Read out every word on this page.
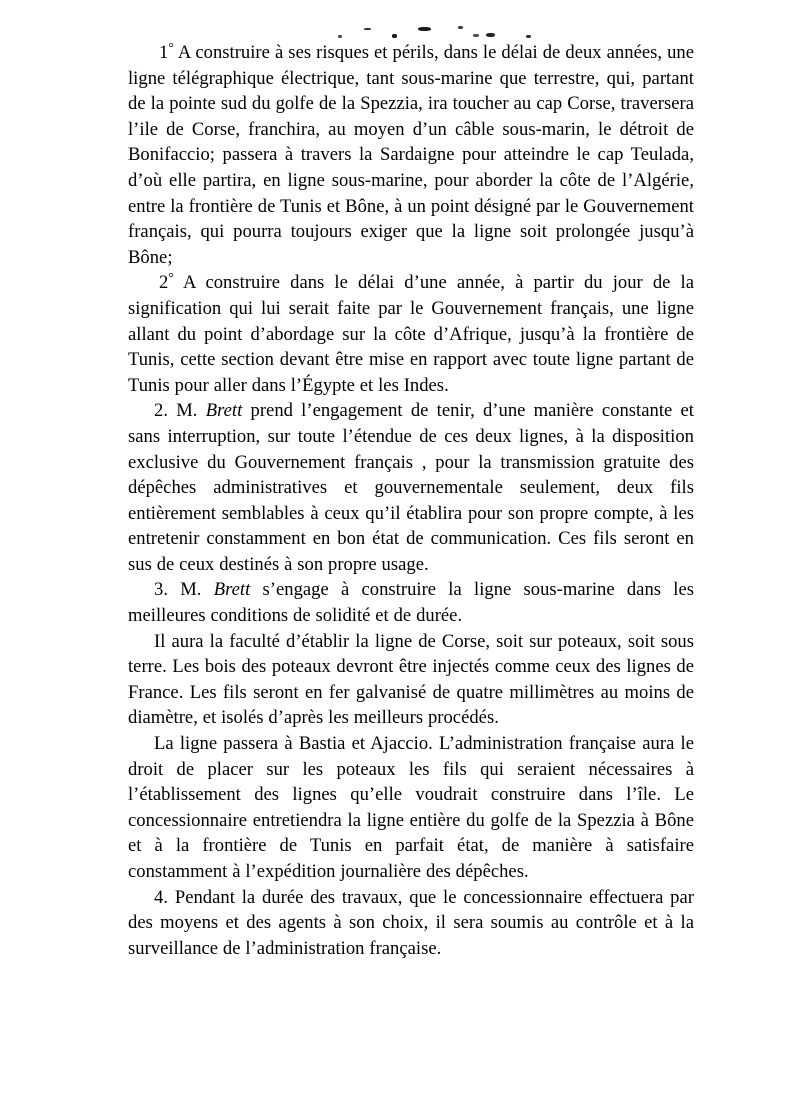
1° A construire à ses risques et périls, dans le délai de deux années, une ligne télégraphique électrique, tant sous-marine que terrestre, qui, partant de la pointe sud du golfe de la Spezzia, ira toucher au cap Corse, traversera l’ile de Corse, franchira, au moyen d’un câble sous-marin, le détroit de Bonifaccio; passera à travers la Sardaigne pour atteindre le cap Teulada, d’où elle partira, en ligne sous-marine, pour aborder la côte de l’Algérie, entre la frontière de Tunis et Bône, à un point désigné par le Gouvernement français, qui pourra toujours exiger que la ligne soit prolongée jusqu’à Bône;

2° A construire dans le délai d’une année, à partir du jour de la signification qui lui serait faite par le Gouvernement français, une ligne allant du point d’abordage sur la côte d’Afrique, jusqu’à la frontière de Tunis, cette section devant être mise en rapport avec toute ligne partant de Tunis pour aller dans l’Égypte et les Indes.

2. M. Brett prend l’engagement de tenir, d’une manière constante et sans interruption, sur toute l’étendue de ces deux lignes, à la disposition exclusive du Gouvernement français , pour la transmission gratuite des dépêches administratives et gouvernementale seulement, deux fils entièrement semblables à ceux qu’il établira pour son propre compte, à les entretenir constamment en bon état de communication. Ces fils seront en sus de ceux destinés à son propre usage.

3. M. Brett s’engage à construire la ligne sous-marine dans les meilleures conditions de solidité et de durée.

Il aura la faculté d’établir la ligne de Corse, soit sur poteaux, soit sous terre. Les bois des poteaux devront être injectés comme ceux des lignes de France. Les fils seront en fer galvanisé de quatre millimètres au moins de diamètre, et isolés d’après les meilleurs procédés.

La ligne passera à Bastia et Ajaccio. L’administration française aura le droit de placer sur les poteaux les fils qui seraient nécessaires à l’établissement des lignes qu’elle voudrait construire dans l’île. Le concessionnaire entretiendra la ligne entière du golfe de la Spezzia à Bône et à la frontière de Tunis en parfait état, de manière à satisfaire constamment à l’expédition journalière des dépêches.

4. Pendant la durée des travaux, que le concessionnaire effectuera par des moyens et des agents à son choix, il sera soumis au contrôle et à la surveillance de l’administration française.
